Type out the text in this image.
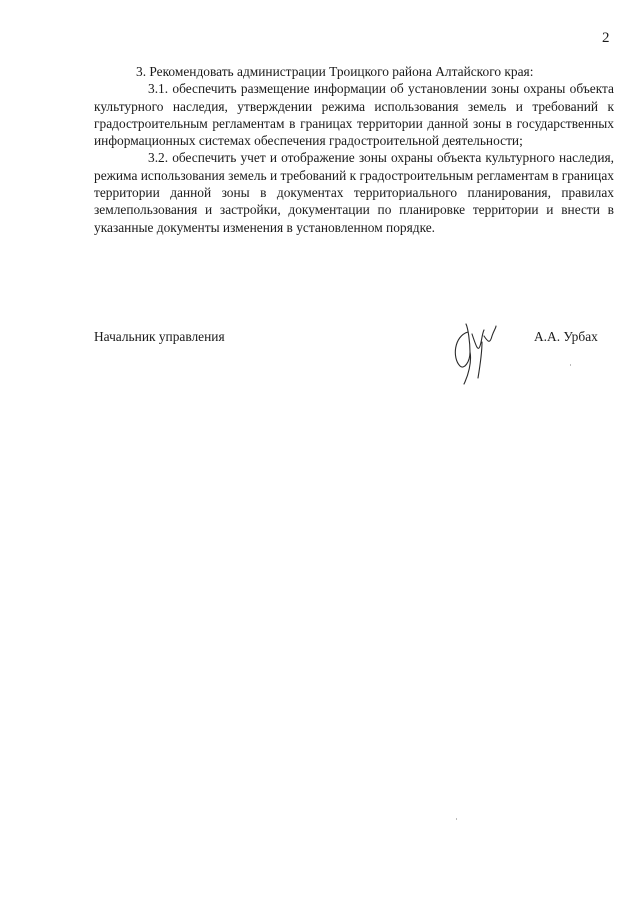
2

3. Рекомендовать администрации Троицкого района Алтайского края:

3.1. обеспечить размещение информации об установлении зоны охраны объекта культурного наследия, утверждении режима использования земель и требований к градостроительным регламентам в границах территории данной зоны в государственных информационных системах обеспечения градостроительной деятельности;

3.2. обеспечить учет и отображение зоны охраны объекта культурного наследия, режима использования земель и требований к градостроительным регламентам в границах территории данной зоны в документах территориального планирования, правилах землепользования и застройки, документации по планировке территории и внести в указанные документы изменения в установленном порядке.

Начальник управления	А.А. Урбах
